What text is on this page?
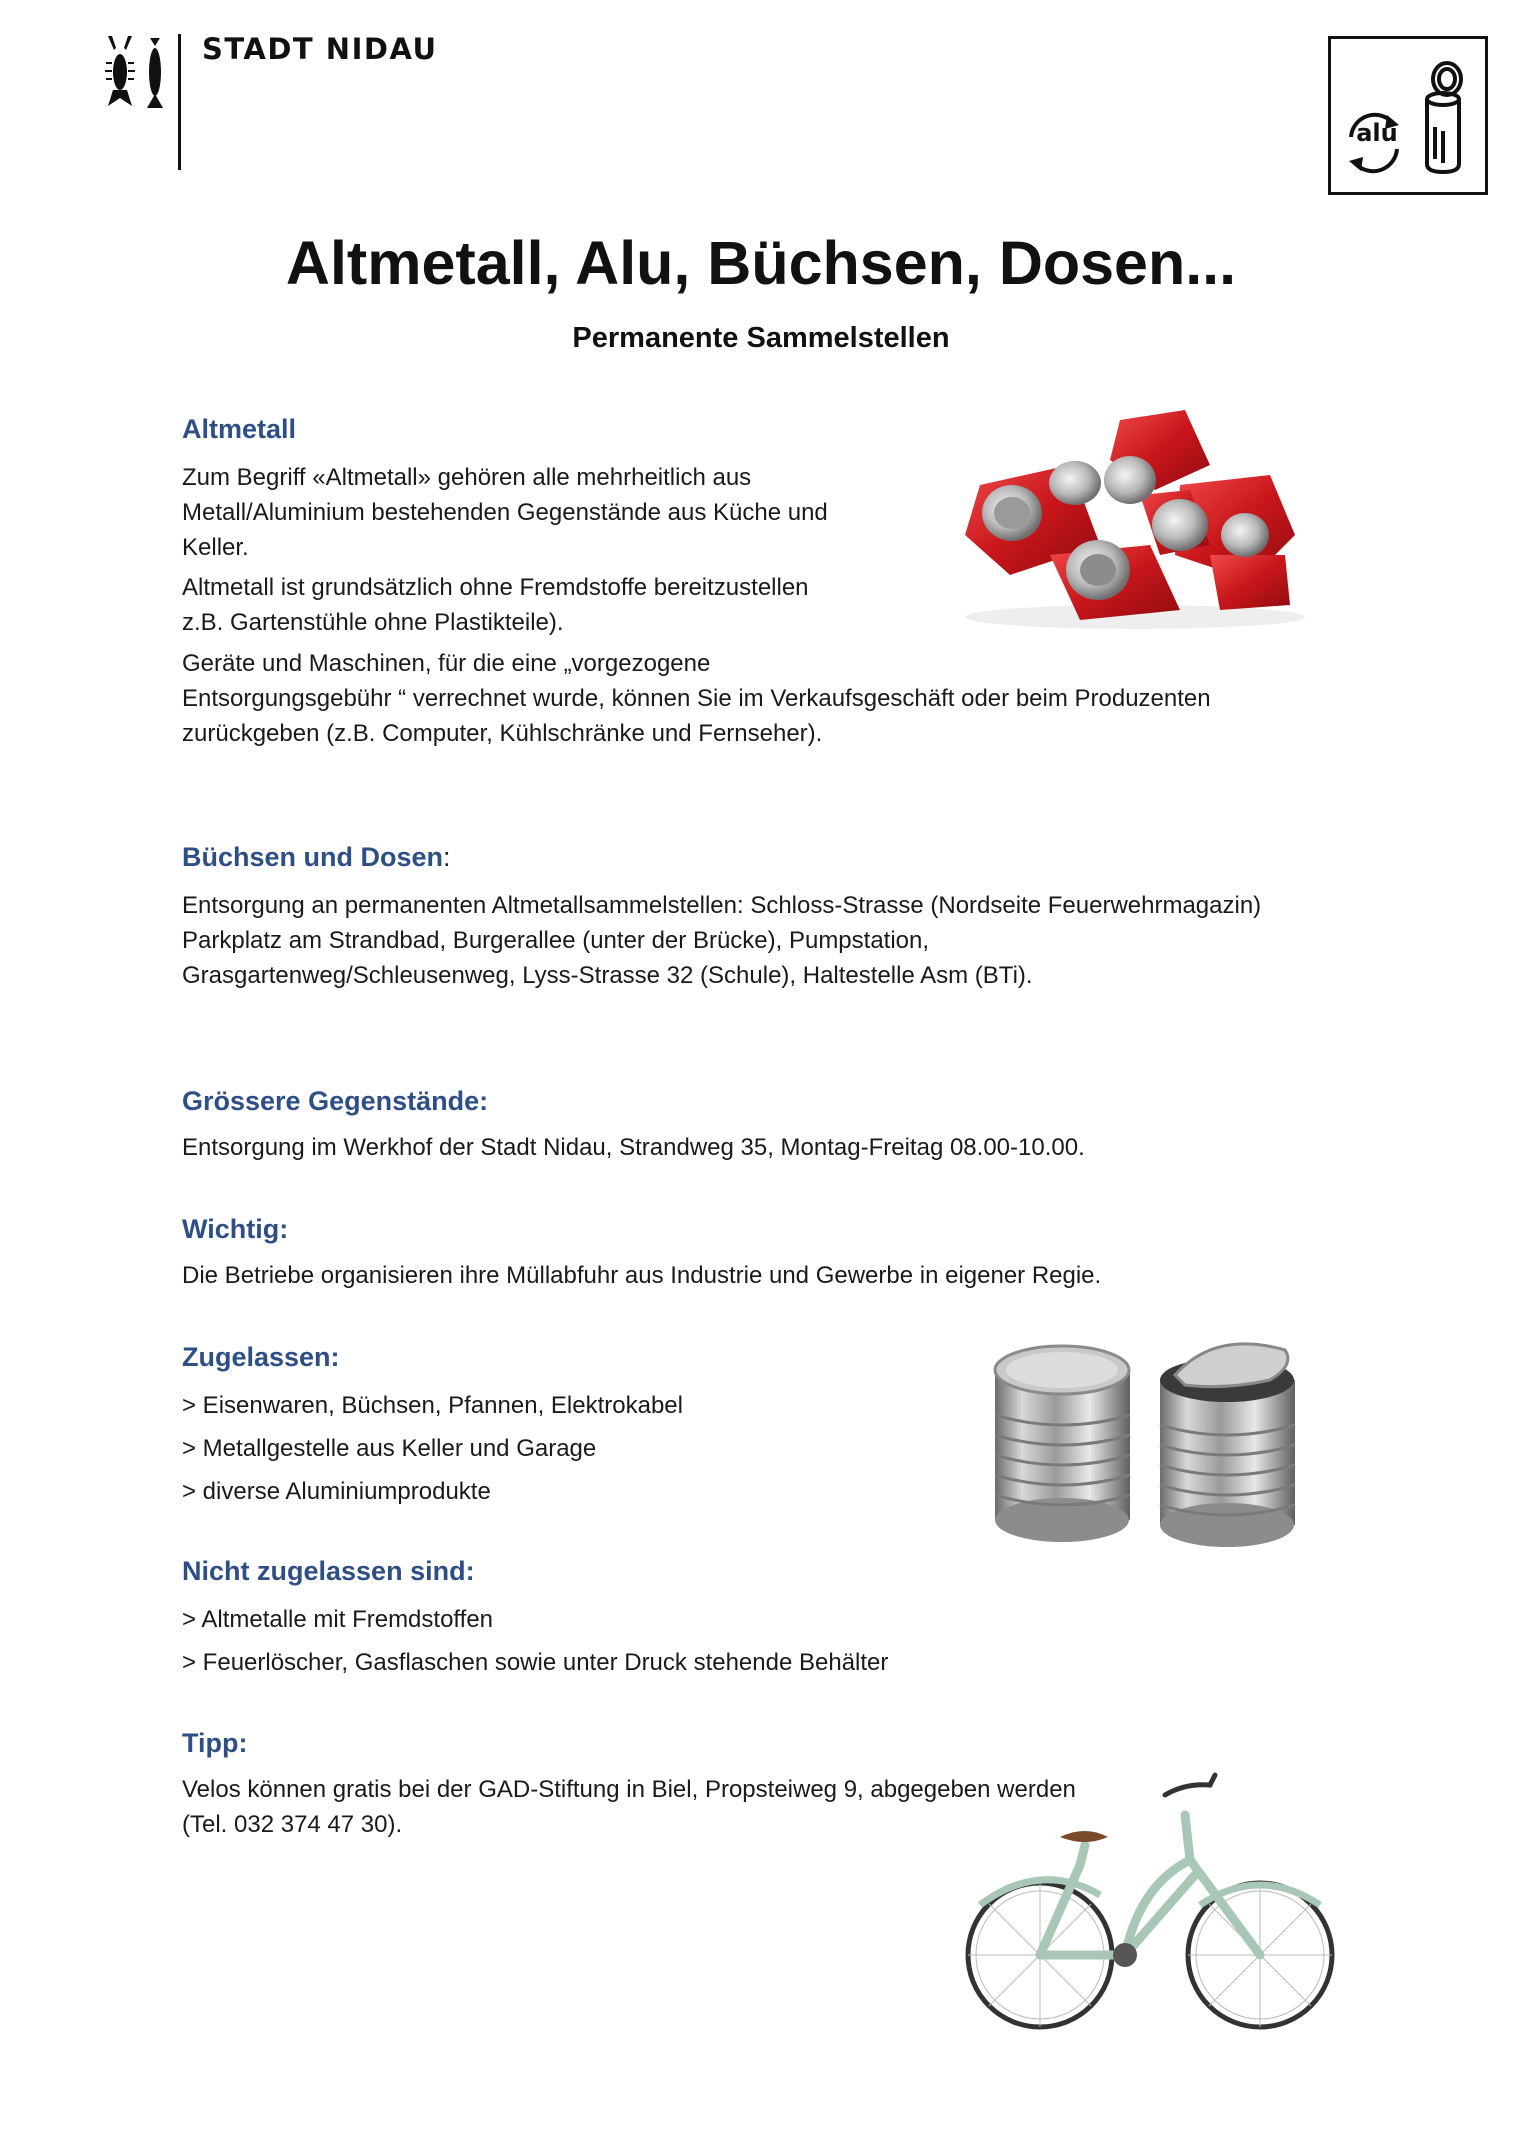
STADT NIDAU
alu
Altmetall, Alu, Büchsen, Dosen...
Permanente Sammelstellen
Altmetall
Zum Begriff «Altmetall» gehören alle mehrheitlich aus
Metall/Aluminium bestehenden Gegenstände aus Küche und
Keller.
Altmetall ist grundsätzlich ohne Fremdstoffe bereitzustellen
z.B. Gartenstühle ohne Plastikteile).
Geräte und Maschinen, für die eine „vorgezogene
Entsorgungsgebühr “ verrechnet wurde, können Sie im Verkaufsgeschäft oder beim Produzenten
zurückgeben (z.B. Computer, Kühlschränke und Fernseher).
Büchsen und Dosen:
Entsorgung an permanenten Altmetallsammelstellen: Schloss-Strasse (Nordseite Feuerwehrmagazin)
Parkplatz am Strandbad, Burgerallee (unter der Brücke), Pumpstation,
Grasgartenweg/Schleusenweg, Lyss-Strasse 32 (Schule), Haltestelle Asm (BTi).
Grössere Gegenstände:
Entsorgung im Werkhof der Stadt Nidau, Strandweg 35, Montag-Freitag 08.00-10.00.
Wichtig:
Die Betriebe organisieren ihre Müllabfuhr aus Industrie und Gewerbe in eigener Regie.
Zugelassen:
> Eisenwaren, Büchsen, Pfannen, Elektrokabel
> Metallgestelle aus Keller und Garage
> diverse Aluminiumprodukte
Nicht zugelassen sind:
> Altmetalle mit Fremdstoffen
> Feuerlöscher, Gasflaschen sowie unter Druck stehende Behälter
Tipp:
Velos können gratis bei der GAD-Stiftung in Biel, Propsteiweg 9, abgegeben werden
(Tel. 032 374 47 30).
